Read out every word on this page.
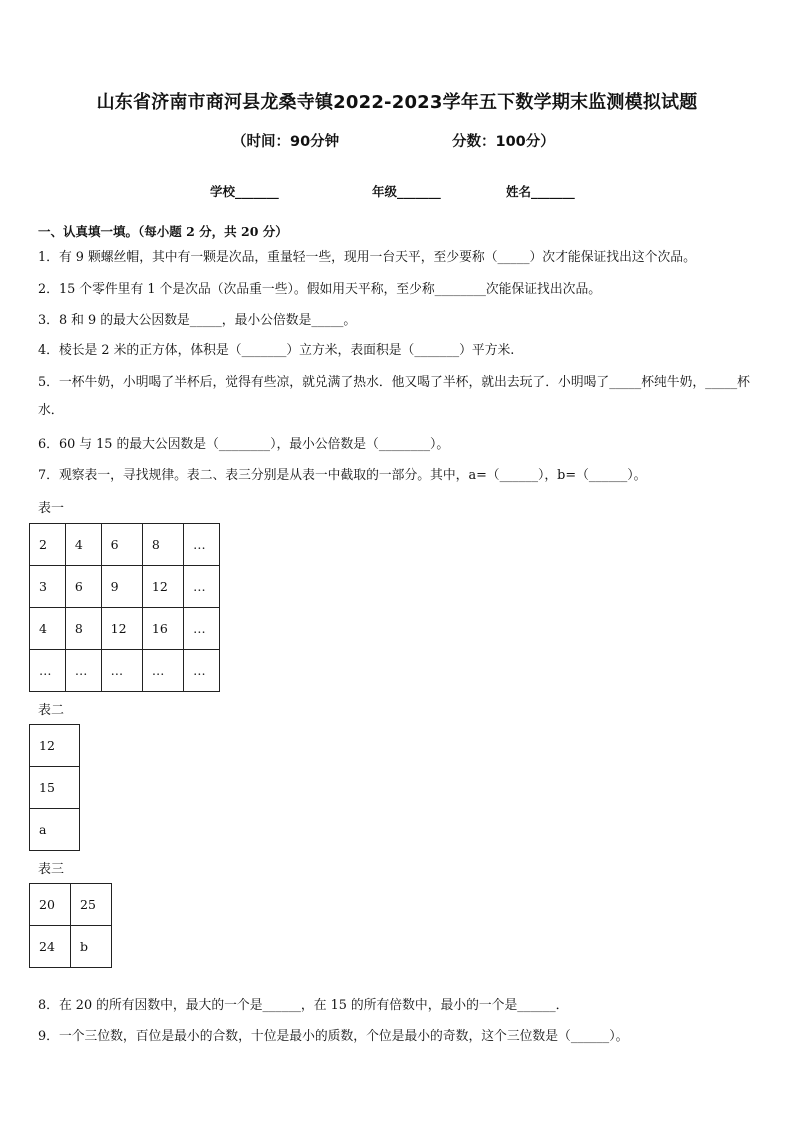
山东省济南市商河县龙桑寺镇2022-2023学年五下数学期末监测模拟试题
（时间：90分钟	分数：100分）
学校_______	年级_______	姓名_______
一、认真填一填。（每小题 2 分，共 20 分）
1．有 9 颗螺丝帽，其中有一颗是次品，重量轻一些，现用一台天平，至少要称（_____）次才能保证找出这个次品。
2．15 个零件里有 1 个是次品（次品重一些）。假如用天平称，至少称________次能保证找出次品。
3．8 和 9 的最大公因数是_____，最小公倍数是_____。
4．棱长是 2 米的正方体，体积是（_______）立方米，表面积是（_______）平方米.
5．一杯牛奶，小明喝了半杯后，觉得有些凉，就兑满了热水．他又喝了半杯，就出去玩了．小明喝了_____杯纯牛奶，_____杯水．
6．60 与 15 的最大公因数是（________），最小公倍数是（________）。
7．观察表一，寻找规律。表二、表三分别是从表一中截取的一部分。其中，a=（______），b=（______）。
表一
2	4	6	8	…
3	6	9	12	…
4	8	12	16	…
…	…	…	…	…
表二
12
15
a
表三
20	25
24	b
8．在 20 的所有因数中，最大的一个是______，在 15 的所有倍数中，最小的一个是______．
9．一个三位数，百位是最小的合数，十位是最小的质数，个位是最小的奇数，这个三位数是（______）。
